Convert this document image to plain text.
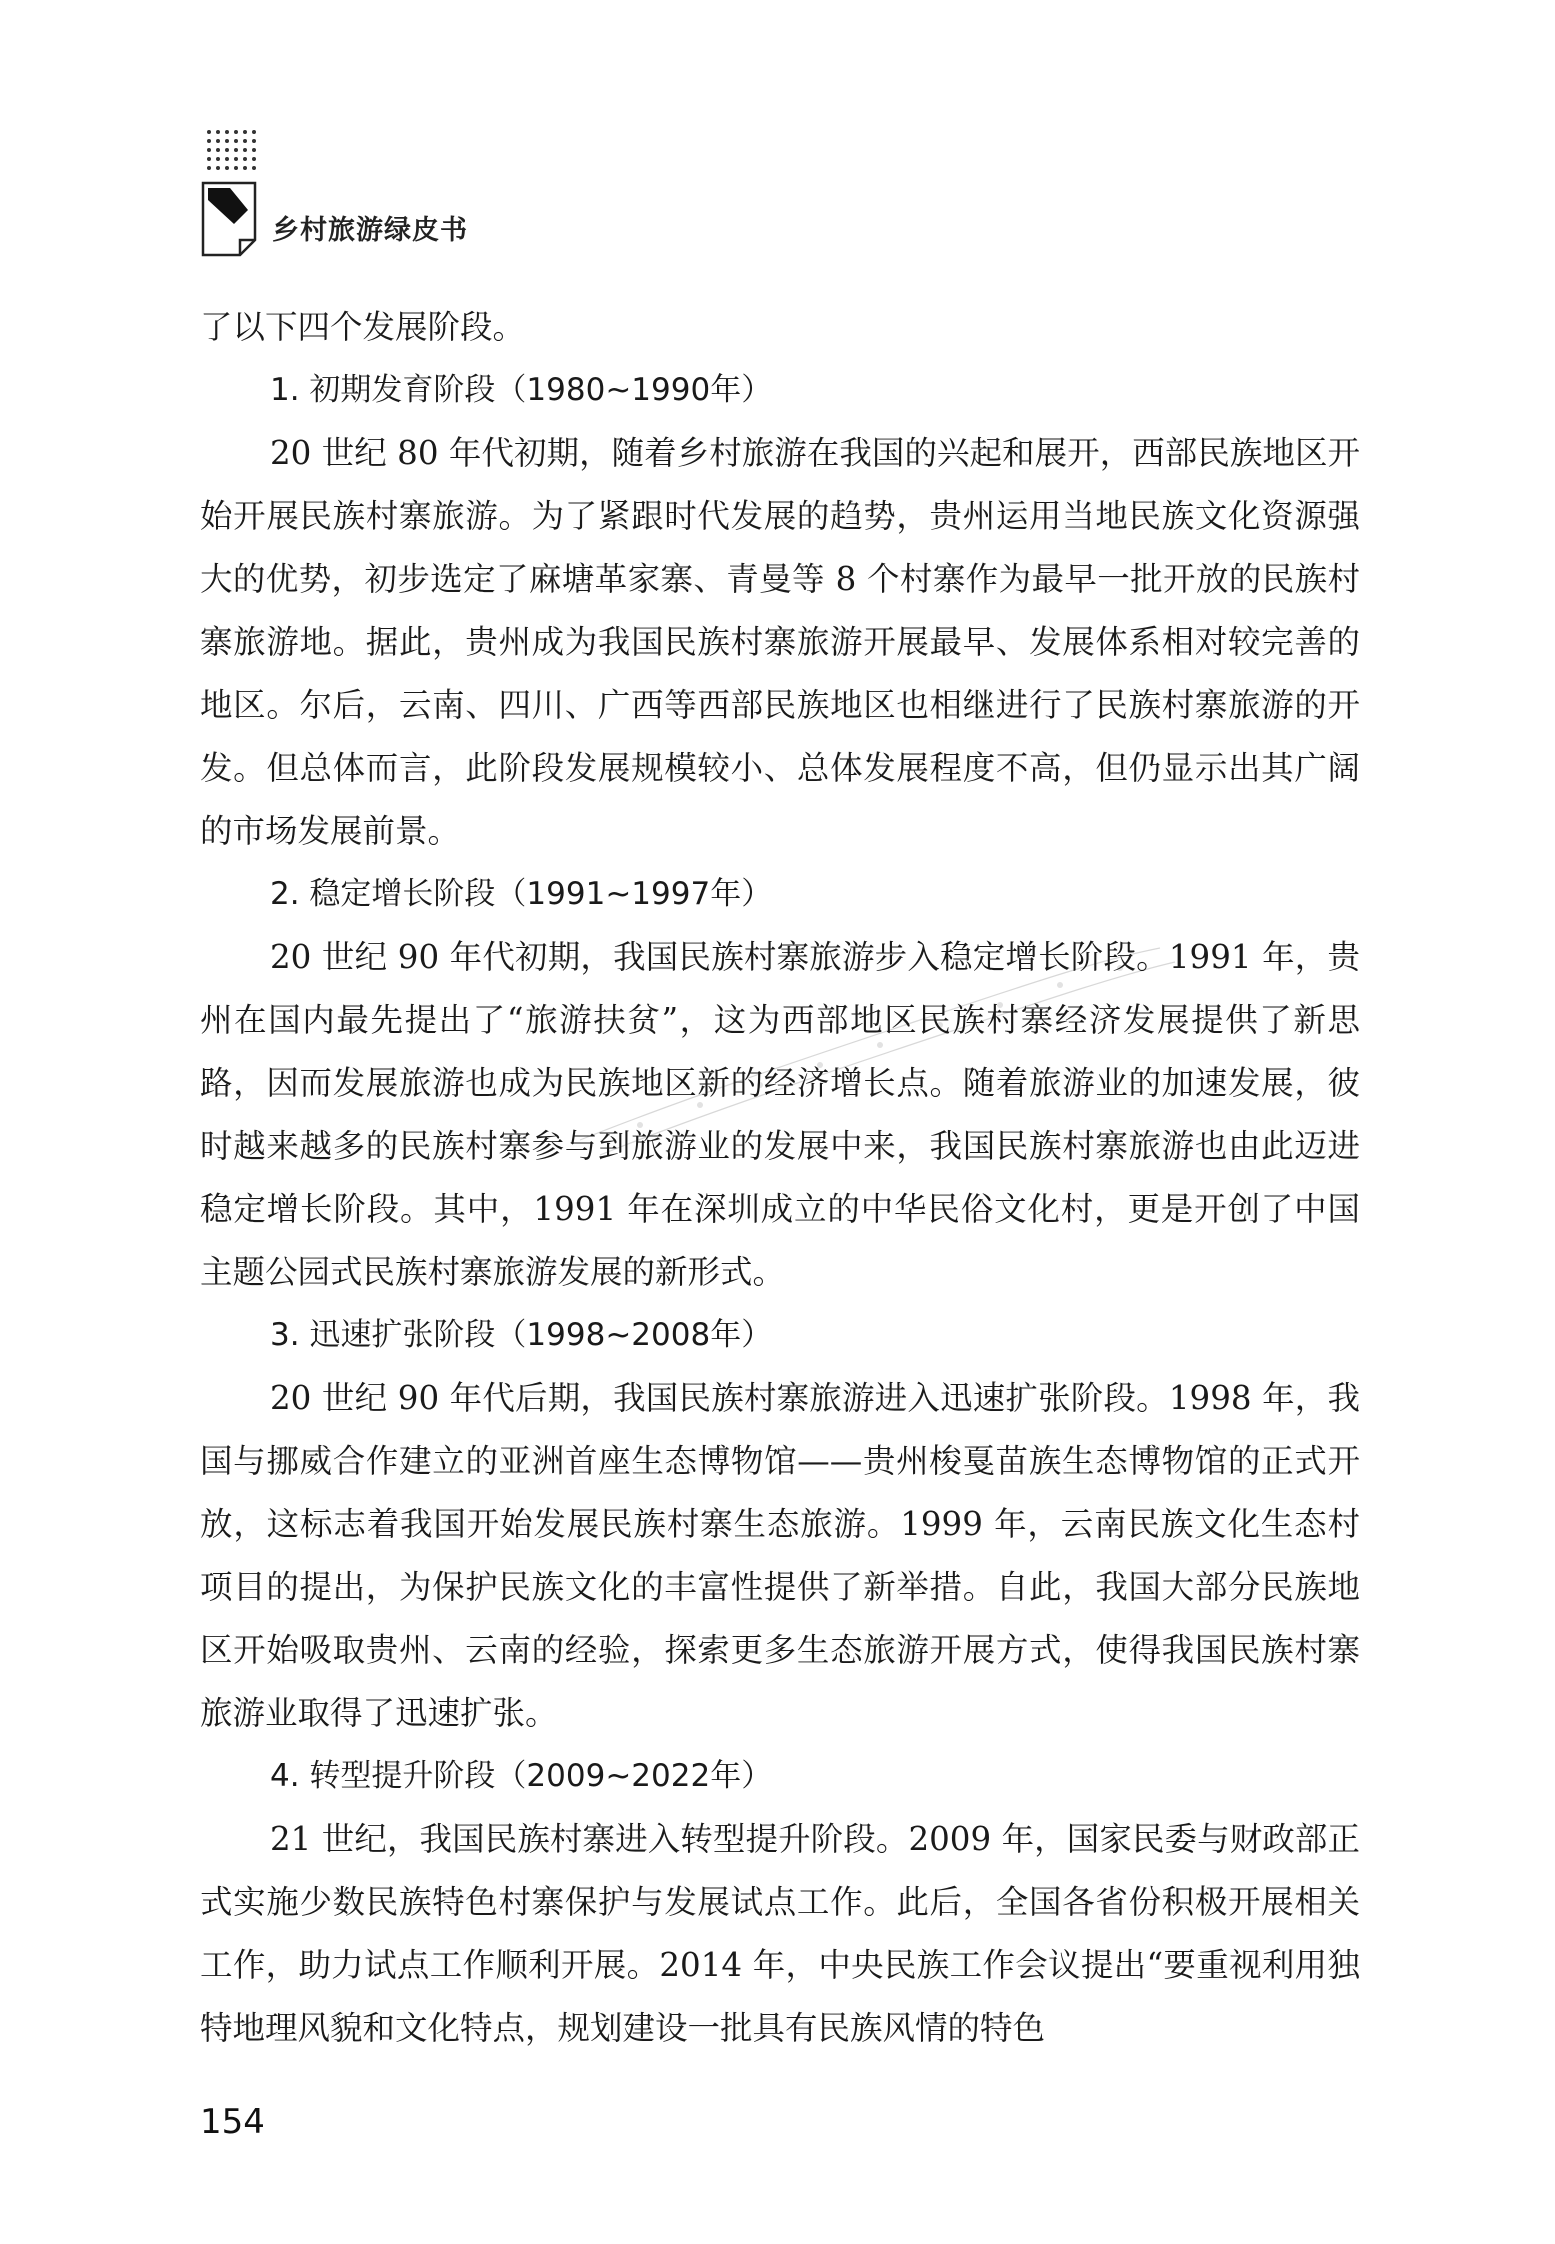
乡村旅游绿皮书

了以下四个发展阶段。

1. 初期发育阶段（1980~1990年）

20 世纪 80 年代初期，随着乡村旅游在我国的兴起和展开，西部民族地区开始开展民族村寨旅游。为了紧跟时代发展的趋势，贵州运用当地民族文化资源强大的优势，初步选定了麻塘革家寨、青曼等 8 个村寨作为最早一批开放的民族村寨旅游地。据此，贵州成为我国民族村寨旅游开展最早、发展体系相对较完善的地区。尔后，云南、四川、广西等西部民族地区也相继进行了民族村寨旅游的开发。但总体而言，此阶段发展规模较小、总体发展程度不高，但仍显示出其广阔的市场发展前景。

2. 稳定增长阶段（1991~1997年）

20 世纪 90 年代初期，我国民族村寨旅游步入稳定增长阶段。1991 年，贵州在国内最先提出了“旅游扶贫”，这为西部地区民族村寨经济发展提供了新思路，因而发展旅游也成为民族地区新的经济增长点。随着旅游业的加速发展，彼时越来越多的民族村寨参与到旅游业的发展中来，我国民族村寨旅游也由此迈进稳定增长阶段。其中，1991 年在深圳成立的中华民俗文化村，更是开创了中国主题公园式民族村寨旅游发展的新形式。

3. 迅速扩张阶段（1998~2008年）

20 世纪 90 年代后期，我国民族村寨旅游进入迅速扩张阶段。1998 年，我国与挪威合作建立的亚洲首座生态博物馆——贵州梭戛苗族生态博物馆的正式开放，这标志着我国开始发展民族村寨生态旅游。1999 年，云南民族文化生态村项目的提出，为保护民族文化的丰富性提供了新举措。自此，我国大部分民族地区开始吸取贵州、云南的经验，探索更多生态旅游开展方式，使得我国民族村寨旅游业取得了迅速扩张。

4. 转型提升阶段（2009~2022年）

21 世纪，我国民族村寨进入转型提升阶段。2009 年，国家民委与财政部正式实施少数民族特色村寨保护与发展试点工作。此后，全国各省份积极开展相关工作，助力试点工作顺利开展。2014 年，中央民族工作会议提出“要重视利用独特地理风貌和文化特点，规划建设一批具有民族风情的特色

154
